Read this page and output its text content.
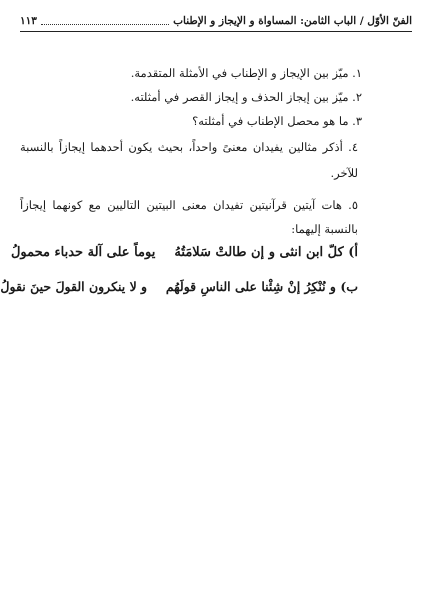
الفنّ الأوّل / الباب الثامن: المساواة و الإيجاز و الإطناب
١١٣
١. ميّز بين الإيجاز و الإطناب في الأمثلة المتقدمة.
٢. ميّز بين إيجاز الحذف و إيجاز القصر في أمثلته.
٣. ما هو محصل الإطناب في أمثلته؟
٤. أذكر مثالين يفيدان معنىً واحداً، بحيث يكون أحدهما إيجازاً بالنسبة
للآخر.
٥. هات آيتين قرآنيتين تفيدان معنى البيتين التاليين مع كونهما إيجازاً
بالنسبة إليهما:
أ) كلّ ابن انثى و إن طالتْ سَلامَتُهُ  يوماً على آلة حدباء محمولُ
ب) و نُنْكِرُ إنْ شِئْنا على الناسِ قولَهُم  و لا ينكرون القولَ حينَ نقولُ
